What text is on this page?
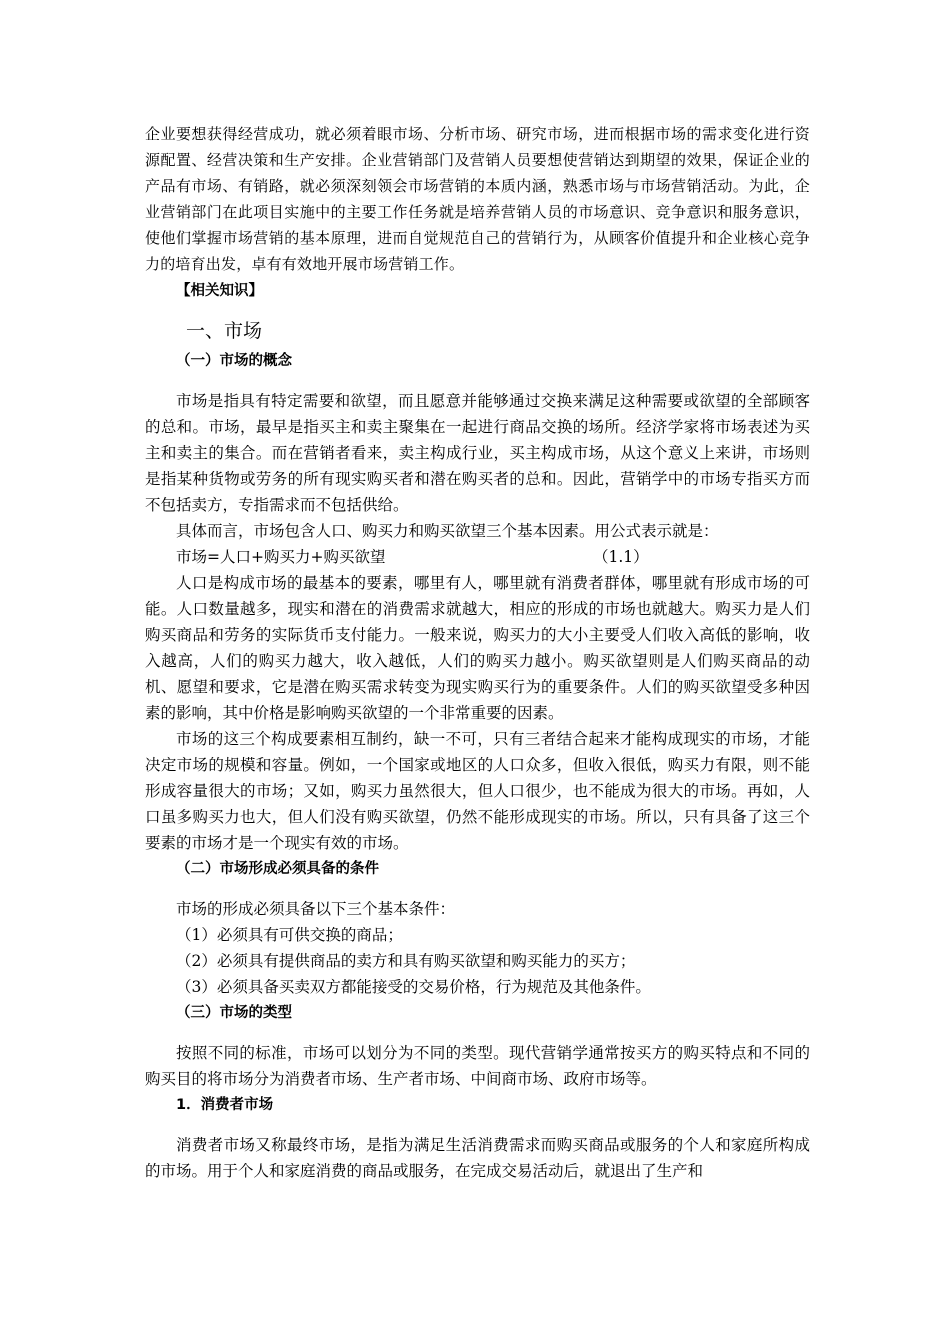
企业要想获得经营成功，就必须着眼市场、分析市场、研究市场，进而根据市场的需求变化进行资源配置、经营决策和生产安排。企业营销部门及营销人员要想使营销达到期望的效果，保证企业的产品有市场、有销路，就必须深刻领会市场营销的本质内涵，熟悉市场与市场营销活动。为此，企业营销部门在此项目实施中的主要工作任务就是培养营销人员的市场意识、竞争意识和服务意识，使他们掌握市场营销的基本原理，进而自觉规范自己的营销行为，从顾客价值提升和企业核心竞争力的培育出发，卓有有效地开展市场营销工作。

【相关知识】

一、市场

（一）市场的概念

市场是指具有特定需要和欲望，而且愿意并能够通过交换来满足这种需要或欲望的全部顾客的总和。市场，最早是指买主和卖主聚集在一起进行商品交换的场所。经济学家将市场表述为买主和卖主的集合。而在营销者看来，卖主构成行业，买主构成市场，从这个意义上来讲，市场则是指某种货物或劳务的所有现实购买者和潜在购买者的总和。因此，营销学中的市场专指买方而不包括卖方，专指需求而不包括供给。

具体而言，市场包含人口、购买力和购买欲望三个基本因素。用公式表示就是：

市场=人口+购买力+购买欲望	（1.1）

人口是构成市场的最基本的要素，哪里有人，哪里就有消费者群体，哪里就有形成市场的可能。人口数量越多，现实和潜在的消费需求就越大，相应的形成的市场也就越大。购买力是人们购买商品和劳务的实际货币支付能力。一般来说，购买力的大小主要受人们收入高低的影响，收入越高，人们的购买力越大，收入越低，人们的购买力越小。购买欲望则是人们购买商品的动机、愿望和要求，它是潜在购买需求转变为现实购买行为的重要条件。人们的购买欲望受多种因素的影响，其中价格是影响购买欲望的一个非常重要的因素。

市场的这三个构成要素相互制约，缺一不可，只有三者结合起来才能构成现实的市场，才能决定市场的规模和容量。例如，一个国家或地区的人口众多，但收入很低，购买力有限，则不能形成容量很大的市场；又如，购买力虽然很大，但人口很少，也不能成为很大的市场。再如，人口虽多购买力也大，但人们没有购买欲望，仍然不能形成现实的市场。所以，只有具备了这三个要素的市场才是一个现实有效的市场。

（二）市场形成必须具备的条件

市场的形成必须具备以下三个基本条件：

（1）必须具有可供交换的商品；

（2）必须具有提供商品的卖方和具有购买欲望和购买能力的买方；

（3）必须具备买卖双方都能接受的交易价格，行为规范及其他条件。

（三）市场的类型

按照不同的标准，市场可以划分为不同的类型。现代营销学通常按买方的购买特点和不同的购买目的将市场分为消费者市场、生产者市场、中间商市场、政府市场等。

1．消费者市场

消费者市场又称最终市场，是指为满足生活消费需求而购买商品或服务的个人和家庭所构成的市场。用于个人和家庭消费的商品或服务，在完成交易活动后，就退出了生产和
